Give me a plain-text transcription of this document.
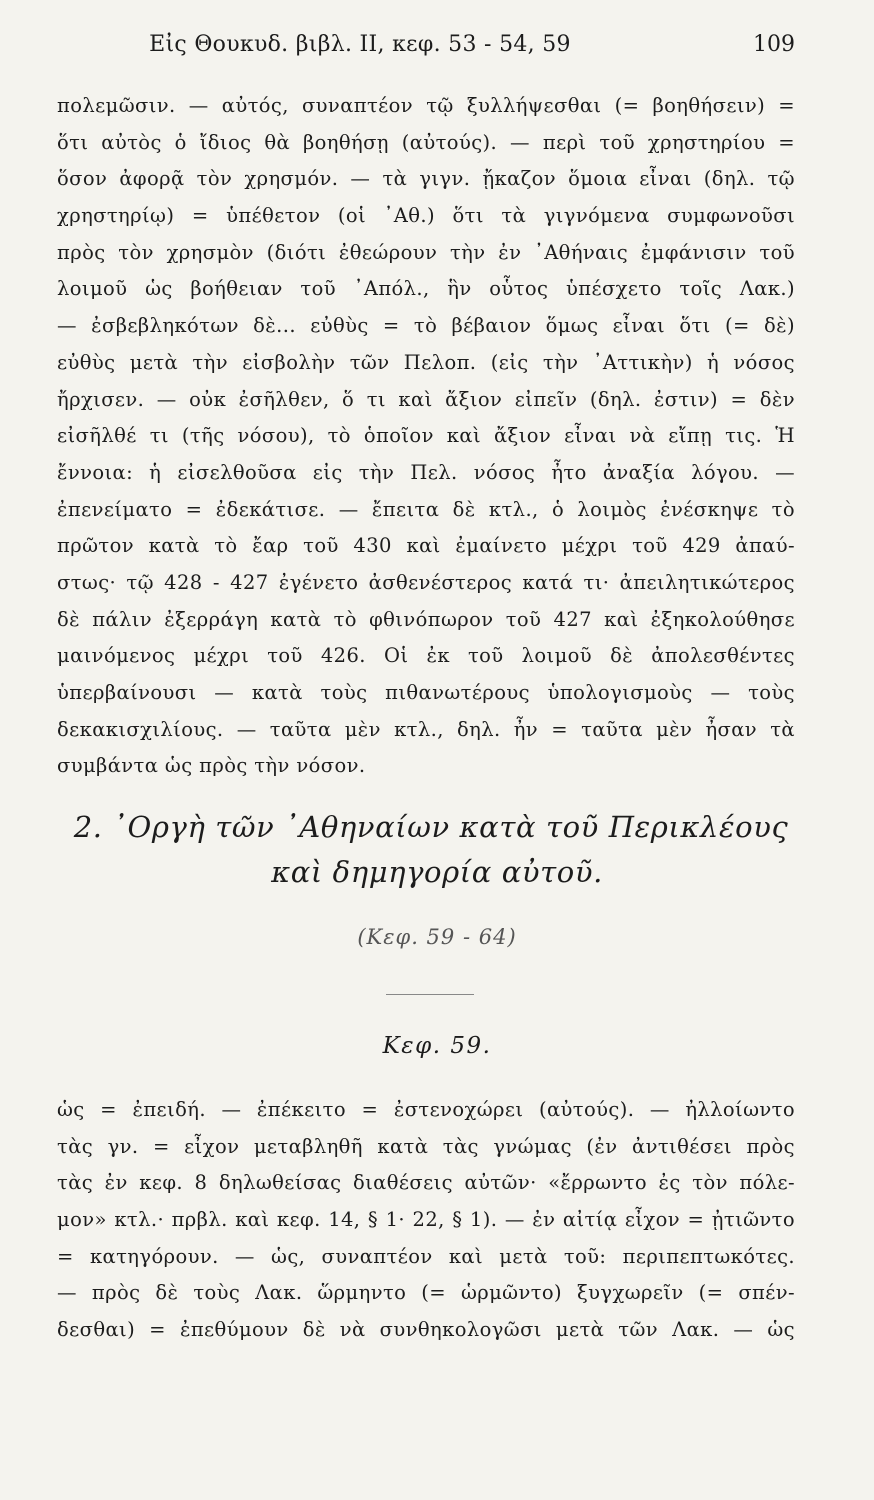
Εἰς Θουκυδ. βιβλ. ΙΙ, κεφ. 53 - 54, 59	109
πολεμῶσιν. — αὐτός, συναπτέον τῷ ξυλλήψεσθαι (= βοηθήσειν) =
ὅτι αὐτὸς ὁ ἴδιος θὰ βοηθήσῃ (αὐτούς). — περὶ τοῦ χρηστηρίου =
ὅσον ἀφορᾷ τὸν χρησμόν. — τὰ γιγν. ᾔκαζον ὅμοια εἶναι (δηλ. τῷ
χρηστηρίῳ) = ὑπέθετον (οἱ ᾿Αθ.) ὅτι τὰ γιγνόμενα συμφωνοῦσι
πρὸς τὸν χρησμὸν (διότι ἐθεώρουν τὴν ἐν ᾿Αθήναις ἐμφάνισιν τοῦ
λοιμοῦ ὡς βοήθειαν τοῦ ᾿Απόλ., ἣν οὗτος ὑπέσχετο τοῖς Λακ.)
— ἐσβεβληκότων δὲ... εὐθὺς = τὸ βέβαιον ὅμως εἶναι ὅτι (= δὲ)
εὐθὺς μετὰ τὴν εἰσβολὴν τῶν Πελοπ. (εἰς τὴν ᾿Αττικὴν) ἡ νόσος
ἤρχισεν. — οὐκ ἐσῆλθεν, ὅ τι καὶ ἄξιον εἰπεῖν (δηλ. ἐστιν) = δὲν
εἰσῆλθέ τι (τῆς νόσου), τὸ ὁποῖον καὶ ἄξιον εἶναι νὰ εἴπῃ τις. Ἡ
ἔννοια: ἡ εἰσελθοῦσα εἰς τὴν Πελ. νόσος ἦτο ἀναξία λόγου. —
ἐπενείματο = ἐδεκάτισε. — ἔπειτα δὲ κτλ., ὁ λοιμὸς ἐνέσκηψε τὸ
πρῶτον κατὰ τὸ ἔαρ τοῦ 430 καὶ ἐμαίνετο μέχρι τοῦ 429 ἀπαύ-
στως· τῷ 428 - 427 ἐγένετο ἀσθενέστερος κατά τι· ἀπειλητικώτερος
δὲ πάλιν ἐξερράγη κατὰ τὸ φθινόπωρον τοῦ 427 καὶ ἐξηκολούθησε
μαινόμενος μέχρι τοῦ 426. Οἱ ἐκ τοῦ λοιμοῦ δὲ ἀπολεσθέντες
ὑπερβαίνουσι — κατὰ τοὺς πιθανωτέρους ὑπολογισμοὺς — τοὺς
δεκακισχιλίους. — ταῦτα μὲν κτλ., δηλ. ἦν = ταῦτα μὲν ἦσαν τὰ
συμβάντα ὡς πρὸς τὴν νόσον.
2. ᾿Οργὴ τῶν ᾿Αθηναίων κατὰ τοῦ Περικλέους
καὶ δημηγορία αὐτοῦ.
(Κεφ. 59 - 64)
Κεφ. 59.
ὡς = ἐπειδή. — ἐπέκειτο = ἐστενοχώρει (αὐτούς). — ἠλλοίωντο
τὰς γν. = εἶχον μεταβληθῆ κατὰ τὰς γνώμας (ἐν ἀντιθέσει πρὸς
τὰς ἐν κεφ. 8 δηλωθείσας διαθέσεις αὐτῶν· «ἔρρωντο ἐς τὸν πόλε-
μον» κτλ.· πρβλ. καὶ κεφ. 14, § 1· 22, § 1). — ἐν αἰτίᾳ εἶχον = ᾐτιῶντο
= κατηγόρουν. — ὡς, συναπτέον καὶ μετὰ τοῦ: περιπεπτωκότες.
— πρὸς δὲ τοὺς Λακ. ὥρμηντο (= ὡρμῶντο) ξυγχωρεῖν (= σπέν-
δεσθαι) = ἐπεθύμουν δὲ νὰ συνθηκολογῶσι μετὰ τῶν Λακ. — ὡς
